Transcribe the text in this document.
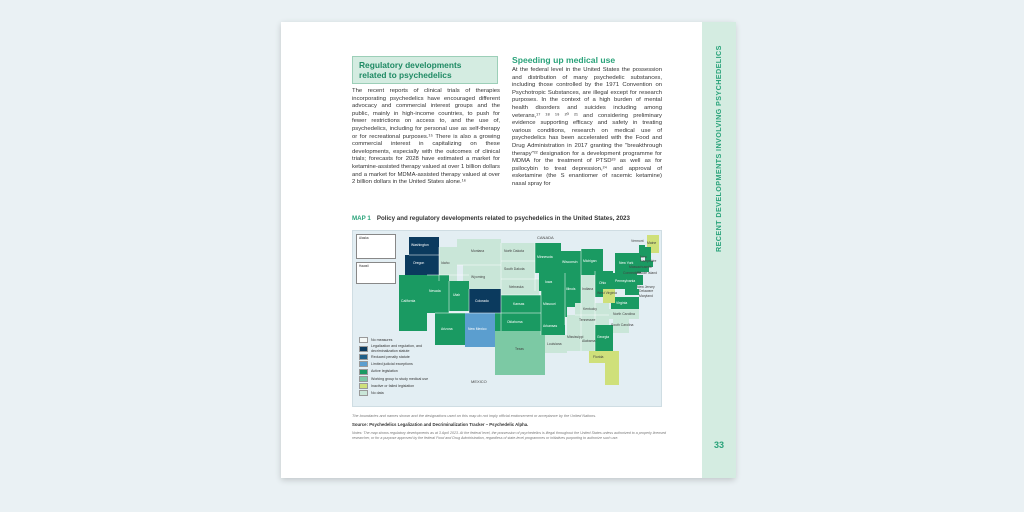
RECENT DEVELOPMENTS INVOLVING PSYCHEDELICS
33
Regulatory developments related to psychedelics
The recent reports of clinical trials of therapies incorporating psychedelics have encouraged different advocacy and commercial interest groups and the public, mainly in high-income countries, to push for fewer restrictions on access to, and the use of, psychedelics, including for personal use as self-therapy or for recreational purposes.¹⁵ There is also a growing commercial interest in capitalizing on these developments, especially with the outcomes of clinical trials; forecasts for 2028 have estimated a market for ketamine-assisted therapy valued at over 1 billion dollars and a market for MDMA-assisted therapy valued at over 2 billion dollars in the United States alone.¹⁶
Speeding up medical use
At the federal level in the United States the possession and distribution of many psychedelic substances, including those controlled by the 1971 Convention on Psychotropic Substances, are illegal except for research purposes. In the context of a high burden of mental health disorders and suicides including among veterans,¹⁷ ¹⁸ ¹⁹ ²⁰ ²¹ and considering preliminary evidence supporting efficacy and safety in treating various conditions, research on medical use of psychedelics has been accelerated with the Food and Drug Administration in 2017 granting the "breakthrough therapy"²² designation for a development programme for MDMA for the treatment of PTSD²³ as well as for psilocybin to treat depression,²⁴ and approval of esketamine (the S enantiomer of racemic ketamine) nasal spray for
MAP 1 Policy and regulatory developments related to psychedelics in the United States, 2023
Alaska
Hawaii
CANADA
MEXICO
Washington
Oregon	Idaho
Montana
Wyoming
California
Nevada
Utah
Colorado
Arizona	New Mexico
North Dakota
South Dakota
Nebraska
Kansas
Oklahoma
Texas
Minnesota
Iowa
Missouri
Arkansas
Louisiana
Wisconsin
Illinois
Michigan
Indiana
Ohio
Kentucky
Tennessee
Mississippi
Alabama
Georgia
Florida
South Carolina
North Carolina
Virginia
West Virginia
Pennsylvania
New York
Maine
Vermont
New Hampshire
Massachusetts
Rhode Island
Connecticut
New Jersey
Delaware
Maryland
No measures
Legalization and regulation, and decriminalization statute
Reduced penalty statute
Limited judicial exceptions
Active legislation
Working group to study medical use
Inactive or failed legislation
No data
The boundaries and names shown and the designations used on this map do not imply official endorsement or acceptance by the United Nations.
Source: Psychedelics Legalization and Decriminalization Tracker – Psychedelic Alpha.
Notes: The map shows regulatory developments as at 3 April 2023. At the federal level, the possession of psychedelics is illegal throughout the United States unless authorized to a properly licensed researcher, or for a purpose approved by the federal Food and Drug Administration, regardless of state-level programmes or initiatives purporting to authorize such use.
